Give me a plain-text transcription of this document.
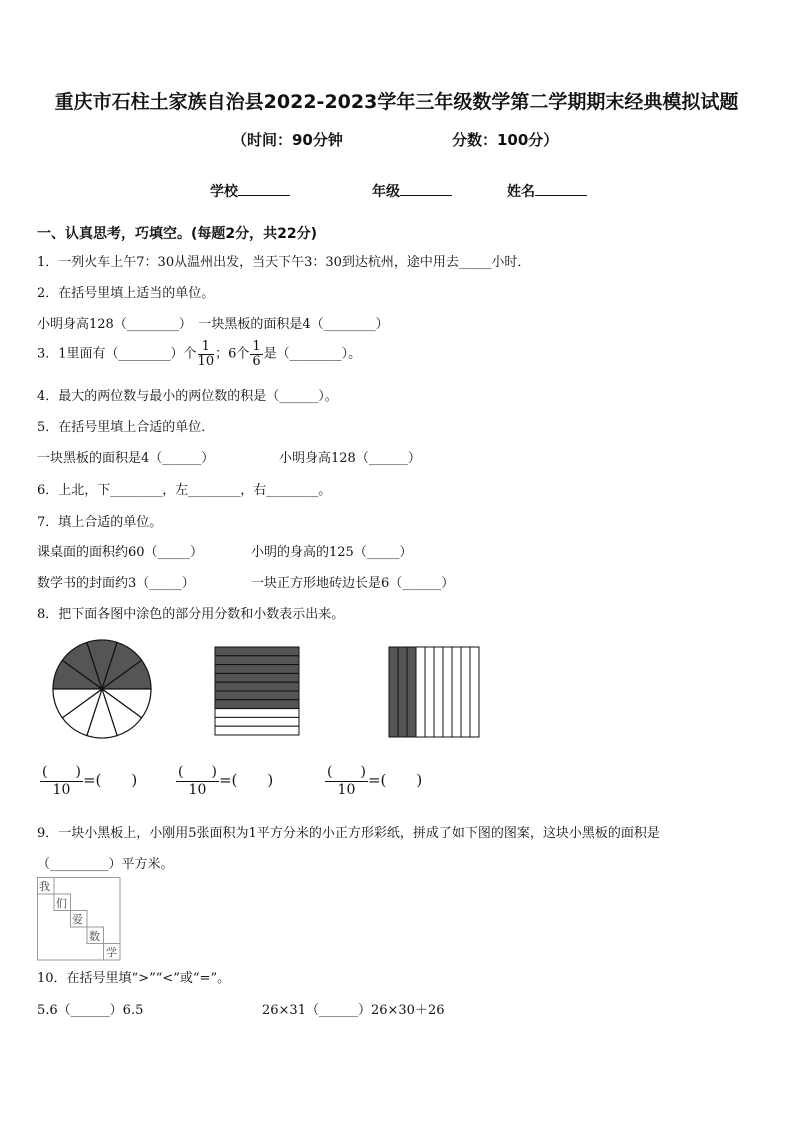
重庆市石柱土家族自治县2022-2023学年三年级数学第二学期期末经典模拟试题
（时间：90分钟	分数：100分）
学校	年级	姓名
一、认真思考，巧填空。(每题2分，共22分)
1．一列火车上午7：30从温州出发，当天下午3：30到达杭州，途中用去_____小时．
2．在括号里填上适当的单位。
小明身高128（________）　一块黑板的面积是4（________）
3．1里面有（________）个 $\frac{1}{10}$ ；6个 $\frac{1}{6}$ 是（________）。
4．最大的两位数与最小的两位数的积是（______）。
5．在括号里填上合适的单位．
一块黑板的面积是4（______）	小明身高128（______）
6．上北，下________，左________，右________。
7．填上合适的单位。
课桌面的面积约60（_____）	小明的身高的125（_____）
数学书的封面约3（_____）	一块正方形地砖边长是6（______）
8．把下面各图中涂色的部分用分数和小数表示出来。
(　　)
10
=(　　)	(　　)
10
=(　　)	(　　)
10
=(　　)
9．一块小黑板上，小刚用5张面积为1平方分米的小正方形彩纸，拼成了如下图的图案，这块小黑板的面积是
（_________）平方米。
我
们
爱
数
学
10．在括号里填“>”“<”或“=”。
5.6（______）6.5	26×31（______）26×30＋26
